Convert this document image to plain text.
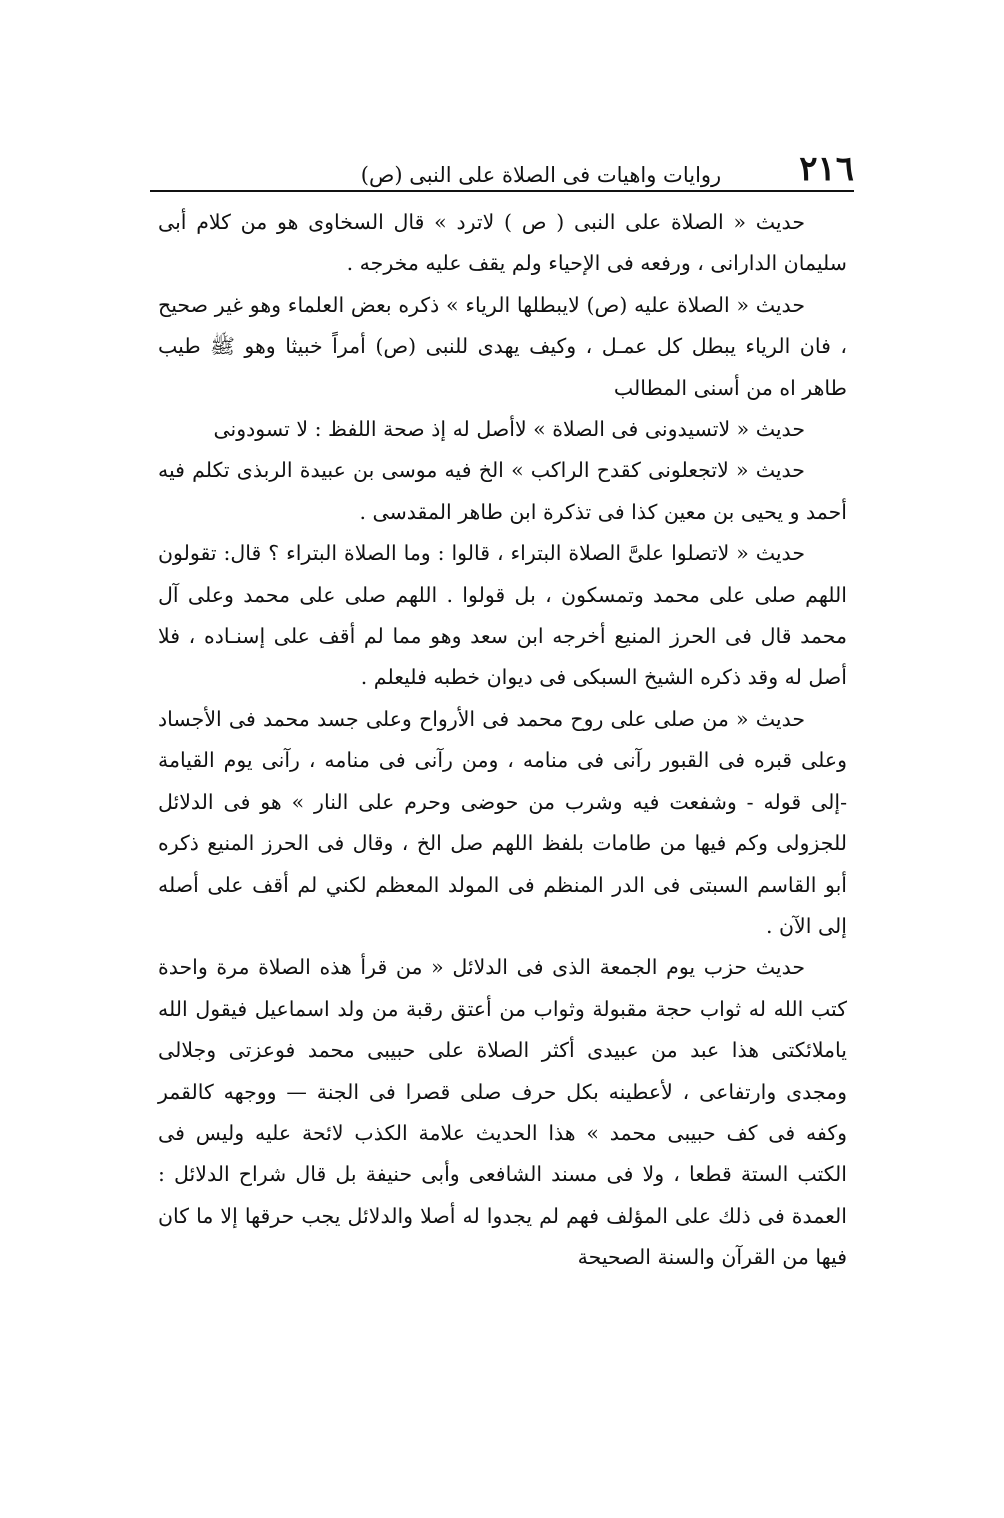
٢١٦
روايات واهيات فى الصلاة على النبى (ص)

حديث « الصلاة على النبى ( ص ) لاترد » قال السخاوى هو من كلام أبى سليمان الدارانى ، ورفعه فى الإحياء ولم يقف عليه مخرجه .

حديث « الصلاة عليه (ص) لايبطلها الرياء » ذكره بعض العلماء وهو غير صحيح ، فان الرياء يبطل كل عمـل ، وكيف يهدى للنبى (ص) أمراً خبيثا وهو ﷺ طيب طاهر اه من أسنى المطالب

حديث « لاتسيدونى فى الصلاة » لاأصل له إذ صحة اللفظ : لا تسودونى

حديث « لاتجعلونى كقدح الراكب » الخ فيه موسى بن عبيدة الربذى تكلم فيه أحمد و يحيى بن معين كذا فى تذكرة ابن طاهر المقدسى .

حديث « لاتصلوا علىَّ الصلاة البتراء ، قالوا : وما الصلاة البتراء ؟ قال: تقولون اللهم صلى على محمد وتمسكون ، بل قولوا . اللهم صلى على محمد وعلى آل محمد قال فى الحرز المنيع أخرجه ابن سعد وهو مما لم أقف على إسنـاده ، فلا أصل له وقد ذكره الشيخ السبكى فى ديوان خطبه فليعلم .

حديث « من صلى على روح محمد فى الأرواح وعلى جسد محمد فى الأجساد وعلى قبره فى القبور رآنى فى منامه ، ومن رآنى فى منامه ، رآنى يوم القيامة -إلى قوله - وشفعت فيه وشرب من حوضى وحرم على النار » هو فى الدلائل للجزولى وكم فيها من طامات بلفظ اللهم صل الخ ، وقال فى الحرز المنيع ذكره أبو القاسم السبتى فى الدر المنظم فى المولد المعظم لكني لم أقف على أصله إلى الآن .

حديث حزب يوم الجمعة الذى فى الدلائل « من قرأ هذه الصلاة مرة واحدة كتب الله له ثواب حجة مقبولة وثواب من أعتق رقبة من ولد اسماعيل فيقول الله ياملائكتى هذا عبد من عبيدى أكثر الصلاة على حبيبى محمد فوعزتى وجلالى ومجدى وارتفاعى ، لأعطينه بكل حرف صلى قصرا فى الجنة — ووجهه كالقمر وكفه فى كف حبيبى محمد » هذا الحديث علامة الكذب لائحة عليه وليس فى الكتب الستة قطعا ، ولا فى مسند الشافعى وأبى حنيفة بل قال شراح الدلائل : العمدة فى ذلك على المؤلف فهم لم يجدوا له أصلا والدلائل يجب حرقها إلا ما كان فيها من القرآن والسنة الصحيحة
